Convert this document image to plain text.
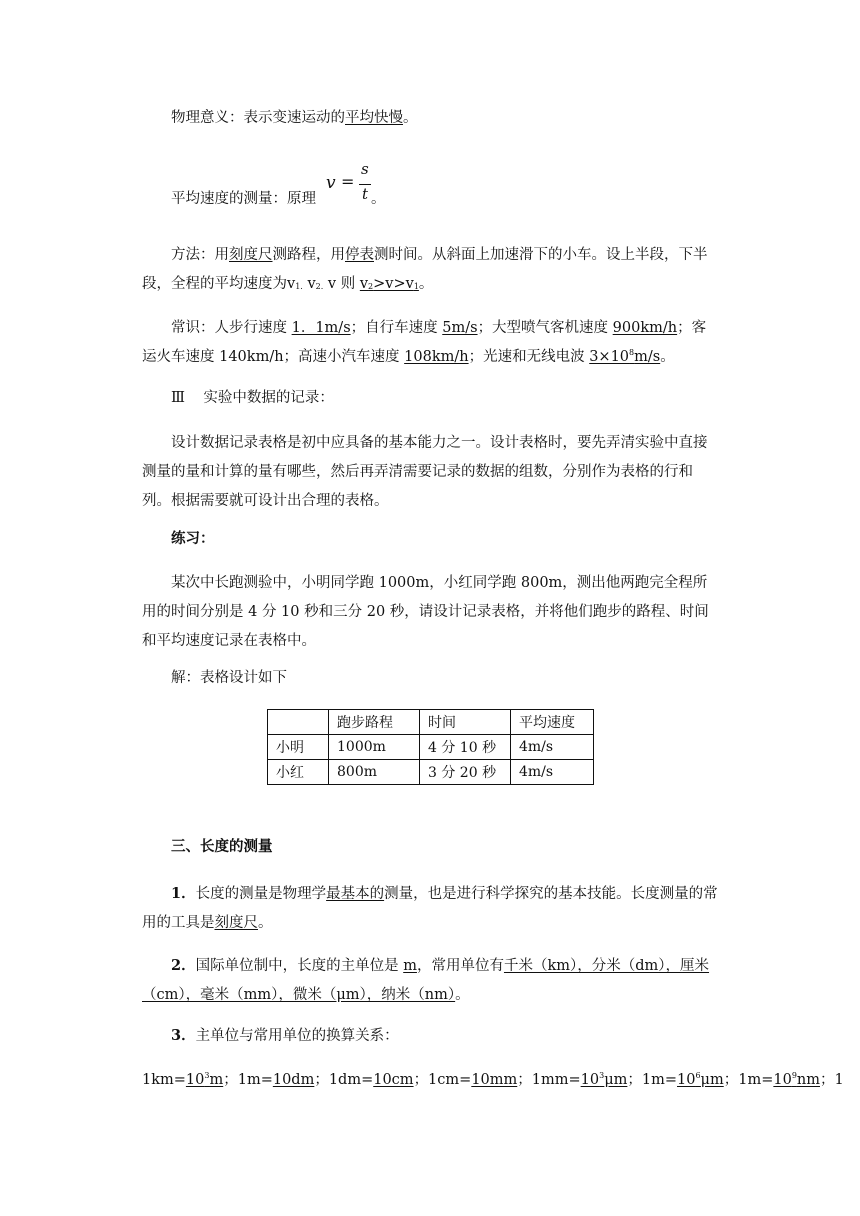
物理意义：表示变速运动的平均快慢。

平均速度的测量：原理	。

v =
s
t

方法：用刻度尺测路程，用停表测时间。从斜面上加速滑下的小车。设上半段，下半段，全程的平均速度为$v_{1.}$ $v_{2.}$ v 则 $v_2>v>v_1$。

常识：人步行速度 1．1m/s；自行车速度 5m/s；大型喷气客机速度 900km/h；客运火车速度 140km/h；高速小汽车速度 108km/h；光速和无线电波 $3\times 10^8m/s$。

Ⅲ    实验中数据的记录：

设计数据记录表格是初中应具备的基本能力之一。设计表格时，要先弄清实验中直接测量的量和计算的量有哪些，然后再弄清需要记录的数据的组数，分别作为表格的行和列。根据需要就可设计出合理的表格。

练习：

某次中长跑测验中，小明同学跑 1000m，小红同学跑 800m，测出他两跑完全程所用的时间分别是 4 分 10 秒和三分 20 秒，请设计记录表格，并将他们跑步的路程、时间和平均速度记录在表格中。

解：表格设计如下

	跑步路程	时间	平均速度
小明	1000m	4 分 10 秒	4m/s
小红	800m	3 分 20 秒	4m/s

三、长度的测量

1．长度的测量是物理学最基本的测量，也是进行科学探究的基本技能。长度测量的常用的工具是刻度尺。

2．国际单位制中，长度的主单位是 m，常用单位有千米（km），分米（dm），厘米（cm），毫米（mm），微米（μm），纳米（nm）。

3．主单位与常用单位的换算关系：

$1km=10^3m$；1m=10dm；1dm=10cm；1cm=10mm；$1mm=10^3\mu m$；$1m=10^6\mu m$；$1m=10^9nm$；1
